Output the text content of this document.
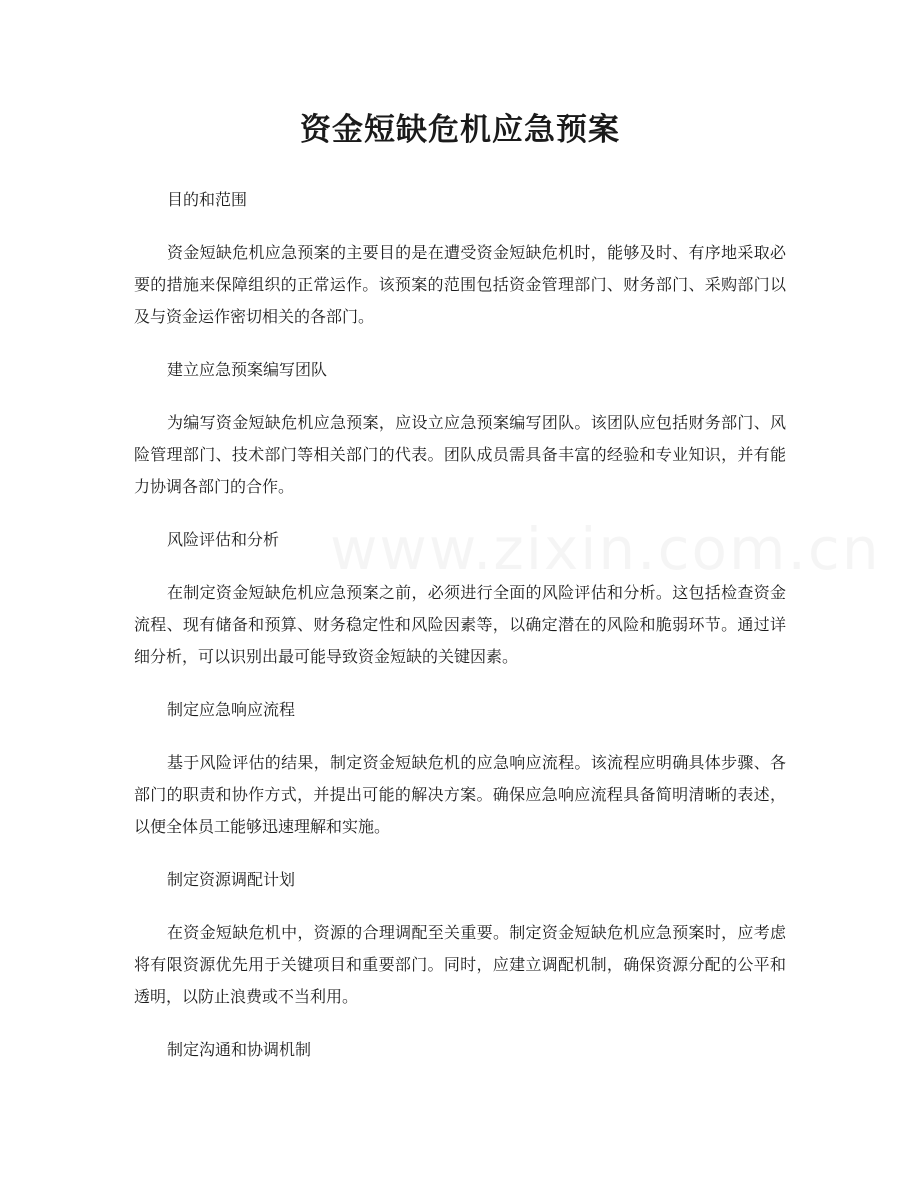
资金短缺危机应急预案

目的和范围

资金短缺危机应急预案的主要目的是在遭受资金短缺危机时，能够及时、有序地采取必要的措施来保障组织的正常运作。该预案的范围包括资金管理部门、财务部门、采购部门以及与资金运作密切相关的各部门。

建立应急预案编写团队

为编写资金短缺危机应急预案，应设立应急预案编写团队。该团队应包括财务部门、风险管理部门、技术部门等相关部门的代表。团队成员需具备丰富的经验和专业知识，并有能力协调各部门的合作。

风险评估和分析

在制定资金短缺危机应急预案之前，必须进行全面的风险评估和分析。这包括检查资金流程、现有储备和预算、财务稳定性和风险因素等，以确定潜在的风险和脆弱环节。通过详细分析，可以识别出最可能导致资金短缺的关键因素。

制定应急响应流程

基于风险评估的结果，制定资金短缺危机的应急响应流程。该流程应明确具体步骤、各部门的职责和协作方式，并提出可能的解决方案。确保应急响应流程具备简明清晰的表述，以便全体员工能够迅速理解和实施。

制定资源调配计划

在资金短缺危机中，资源的合理调配至关重要。制定资金短缺危机应急预案时，应考虑将有限资源优先用于关键项目和重要部门。同时，应建立调配机制，确保资源分配的公平和透明，以防止浪费或不当利用。

制定沟通和协调机制
